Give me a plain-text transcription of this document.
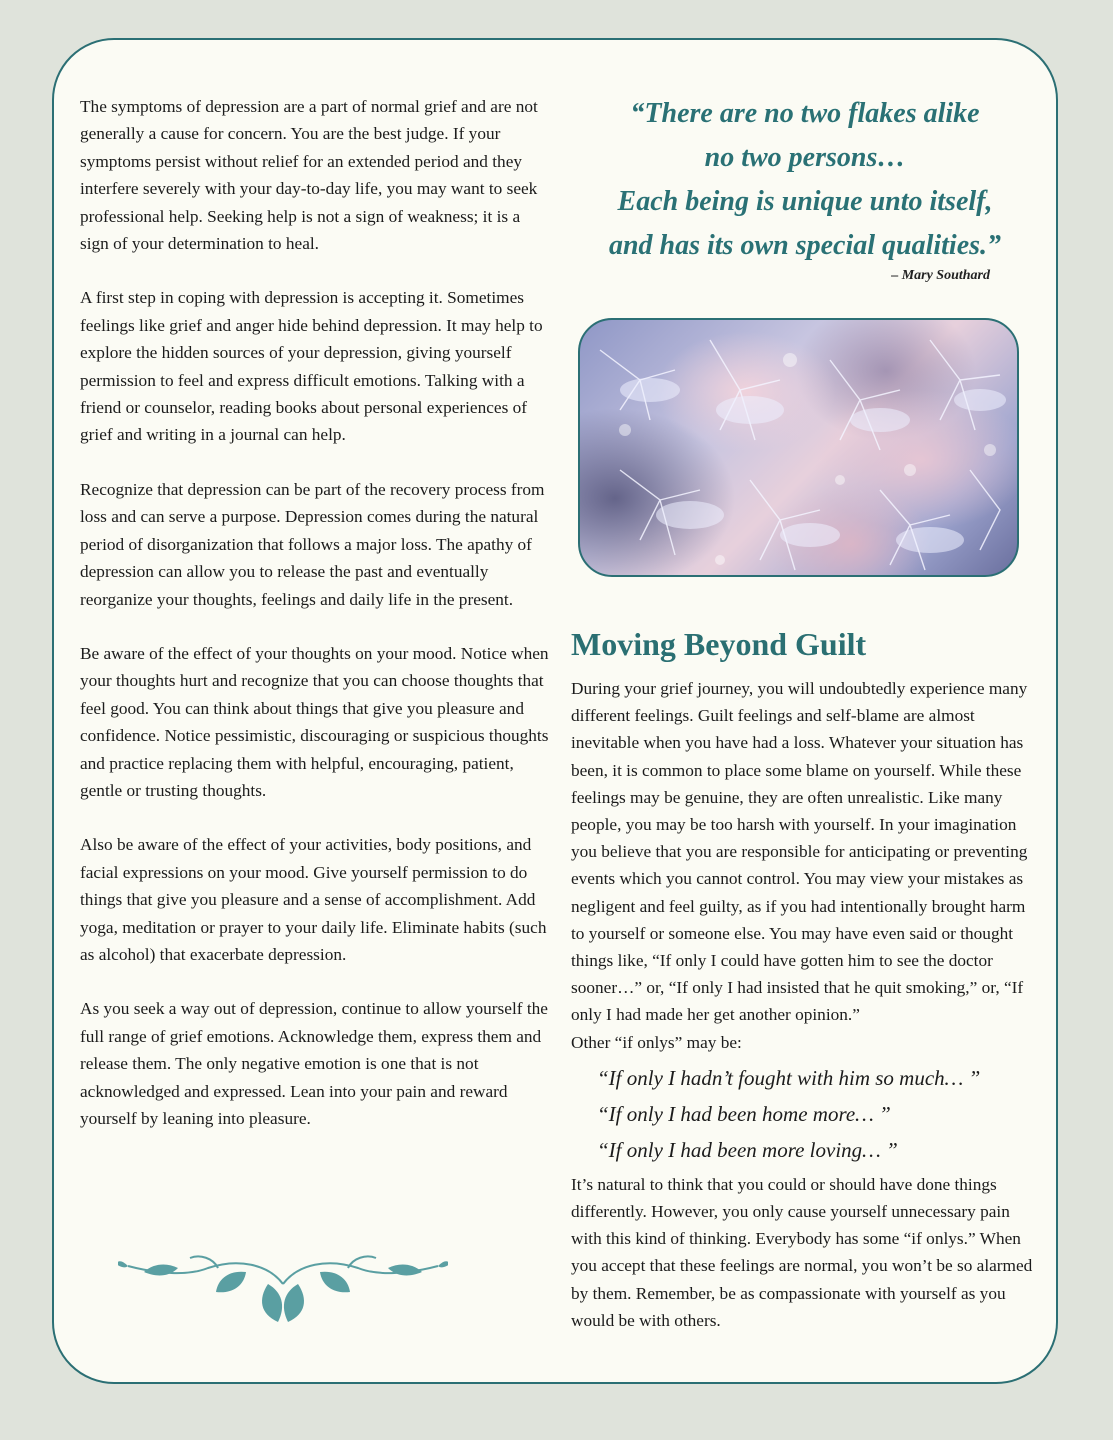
The symptoms of depression are a part of normal grief and are not generally a cause for concern. You are the best judge. If your symptoms persist without relief for an extended period and they interfere severely with your day-to-day life, you may want to seek professional help. Seeking help is not a sign of weakness; it is a sign of your determination to heal.

A first step in coping with depression is accepting it. Sometimes feelings like grief and anger hide behind depression. It may help to explore the hidden sources of your depression, giving yourself permission to feel and express difficult emotions. Talking with a friend or counselor, reading books about personal experiences of grief and writing in a journal can help.

Recognize that depression can be part of the recovery process from loss and can serve a purpose. Depression comes during the natural period of disorganization that follows a major loss. The apathy of depression can allow you to release the past and eventually reorganize your thoughts, feelings and daily life in the present.

Be aware of the effect of your thoughts on your mood. Notice when your thoughts hurt and recognize that you can choose thoughts that feel good. You can think about things that give you pleasure and confidence. Notice pessimistic, discouraging or suspicious thoughts and practice replacing them with helpful, encouraging, patient, gentle or trusting thoughts.

Also be aware of the effect of your activities, body positions, and facial expressions on your mood. Give yourself permission to do things that give you pleasure and a sense of accomplishment. Add yoga, meditation or prayer to your daily life. Eliminate habits (such as alcohol) that exacerbate depression.

As you seek a way out of depression, continue to allow yourself the full range of grief emotions. Acknowledge them, express them and release them. The only negative emotion is one that is not acknowledged and expressed. Lean into your pain and reward yourself by leaning into pleasure.

“There are no two flakes alike
no two persons…
Each being is unique unto itself,
and has its own special qualities.”
– Mary Southard
Moving Beyond Guilt

During your grief journey, you will undoubtedly experience many different feelings. Guilt feelings and self-blame are almost inevitable when you have had a loss. Whatever your situation has been, it is common to place some blame on yourself. While these feelings may be genuine, they are often unrealistic. Like many people, you may be too harsh with yourself. In your imagination you believe that you are responsible for anticipating or preventing events which you cannot control. You may view your mistakes as negligent and feel guilty, as if you had intentionally brought harm to yourself or someone else. You may have even said or thought things like, “If only I could have gotten him to see the doctor sooner…” or, “If only I had insisted that he quit smoking,” or, “If only I had made her get another opinion.”

Other “if onlys” may be:

“If only I hadn’t fought with him so much… ”
“If only I had been home more… ”
“If only I had been more loving… ”

It’s natural to think that you could or should have done things differently. However, you only cause yourself unnecessary pain with this kind of thinking. Everybody has some “if onlys.” When you accept that these feelings are normal, you won’t be so alarmed by them. Remember, be as compassionate with yourself as you would be with others.
